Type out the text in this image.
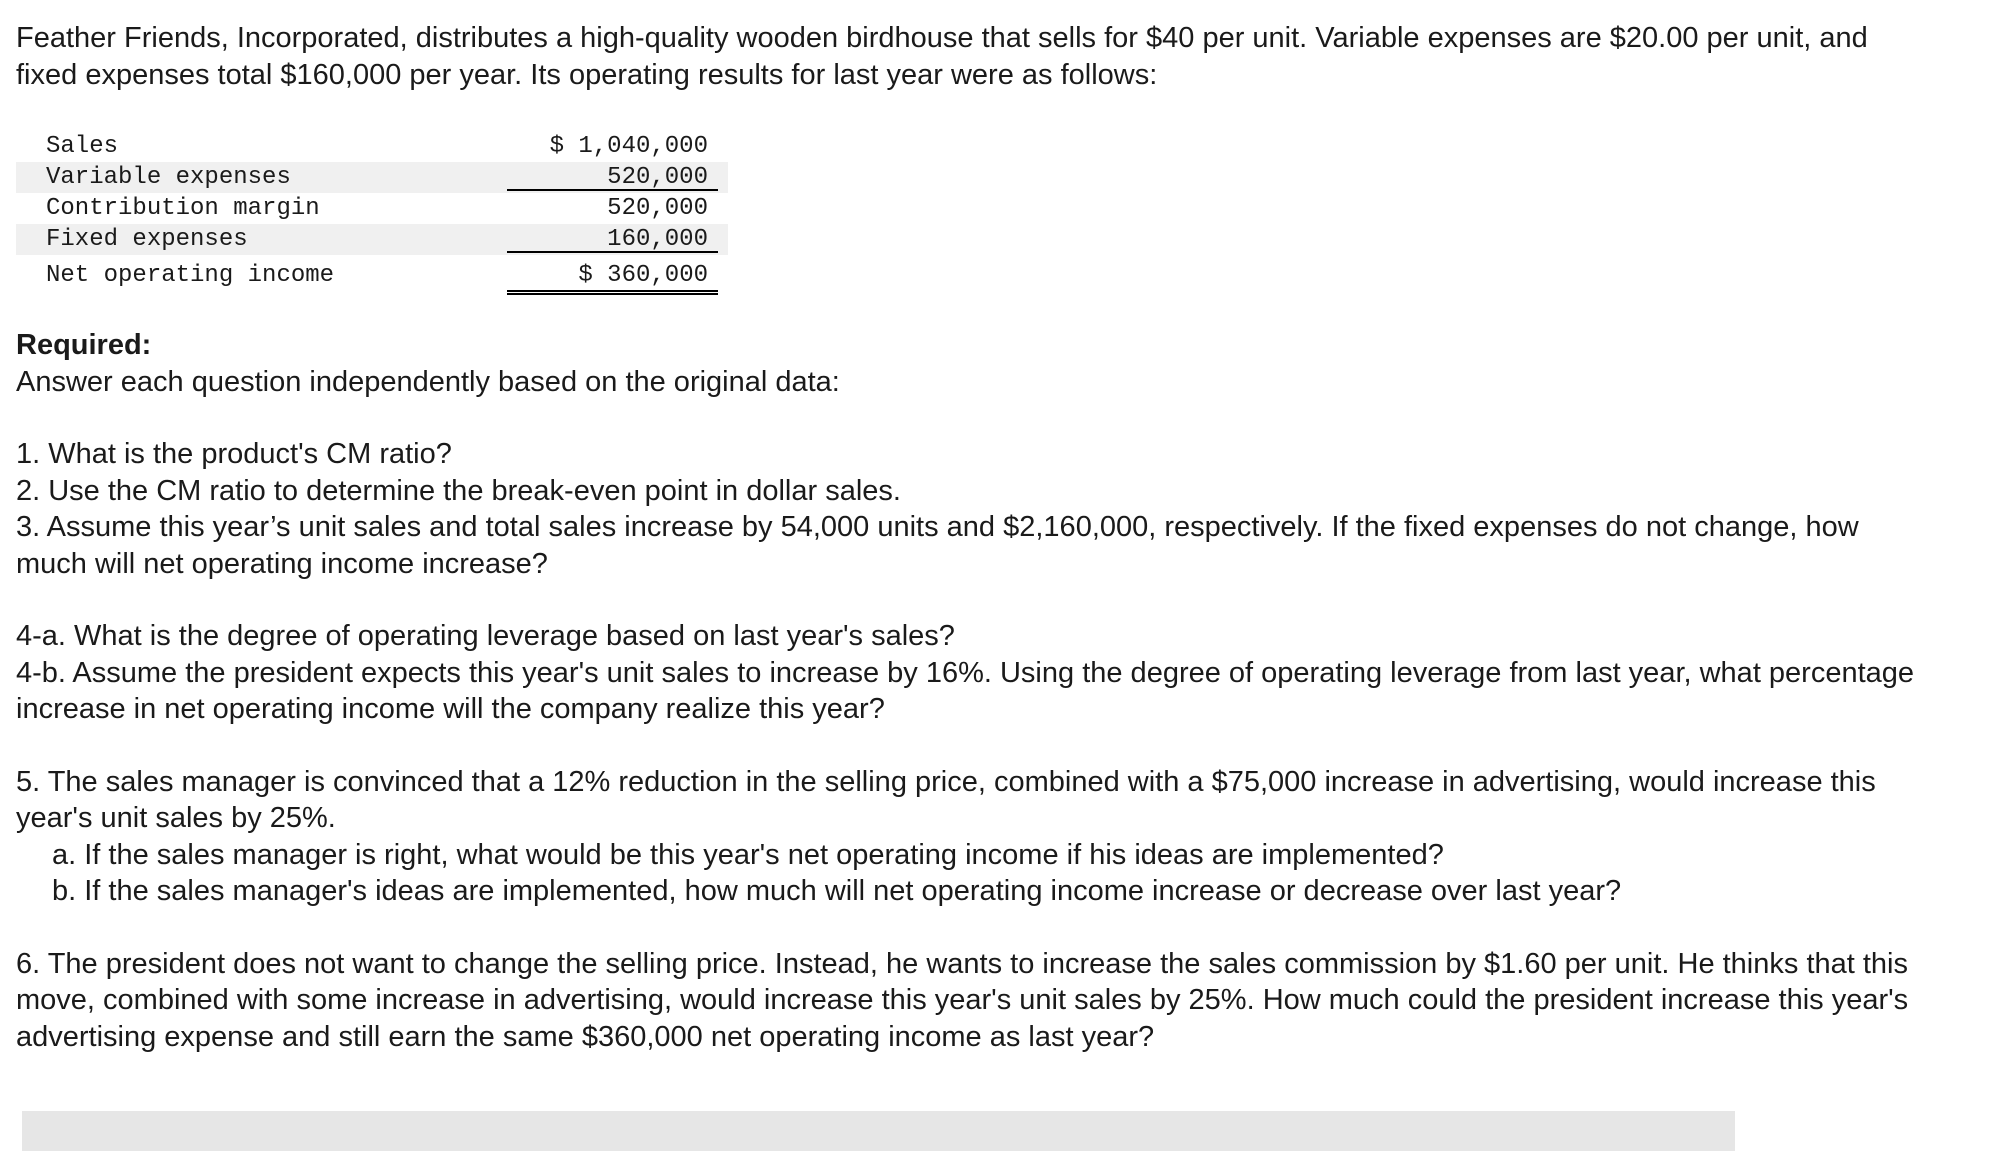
Feather Friends, Incorporated, distributes a high-quality wooden birdhouse that sells for $40 per unit. Variable expenses are $20.00 per unit, and fixed expenses total $160,000 per year. Its operating results for last year were as follows:

Sales	$ 1,040,000
Variable expenses	520,000
Contribution margin	520,000
Fixed expenses	160,000
Net operating income	$ 360,000

Required:

Answer each question independently based on the original data:

1. What is the product's CM ratio?

2. Use the CM ratio to determine the break-even point in dollar sales.

3. Assume this year’s unit sales and total sales increase by 54,000 units and $2,160,000, respectively. If the fixed expenses do not change, how much will net operating income increase?

4-a. What is the degree of operating leverage based on last year's sales?

4-b. Assume the president expects this year's unit sales to increase by 16%. Using the degree of operating leverage from last year, what percentage increase in net operating income will the company realize this year?

5. The sales manager is convinced that a 12% reduction in the selling price, combined with a $75,000 increase in advertising, would increase this year's unit sales by 25%.

a. If the sales manager is right, what would be this year's net operating income if his ideas are implemented?

b. If the sales manager's ideas are implemented, how much will net operating income increase or decrease over last year?

6. The president does not want to change the selling price. Instead, he wants to increase the sales commission by $1.60 per unit. He thinks that this move, combined with some increase in advertising, would increase this year's unit sales by 25%. How much could the president increase this year's advertising expense and still earn the same $360,000 net operating income as last year?
